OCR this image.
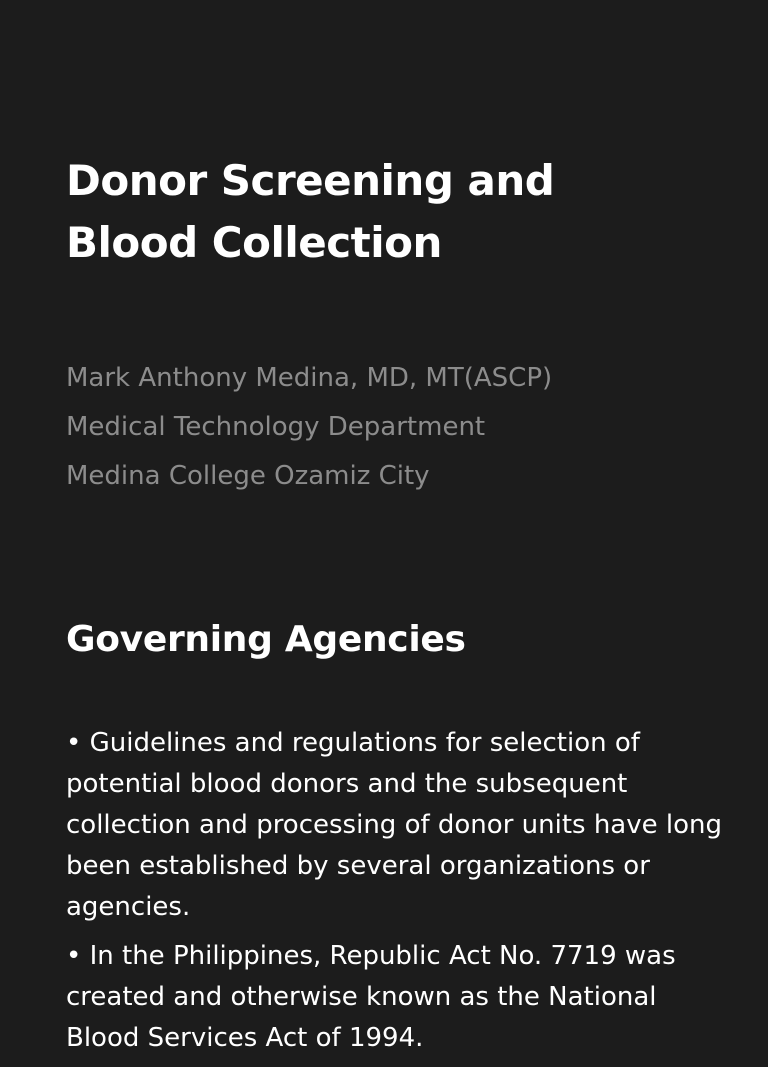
Donor Screening and
Blood Collection

Mark Anthony Medina, MD, MT(ASCP)

Medical Technology Department

Medina College Ozamiz City

Governing Agencies
• Guidelines and regulations for selection of potential blood donors and the subsequent collection and processing of donor units have long been established by several organizations or agencies.
• In the Philippines, Republic Act No. 7719 was created and otherwise known as the National Blood Services Act of 1994.
